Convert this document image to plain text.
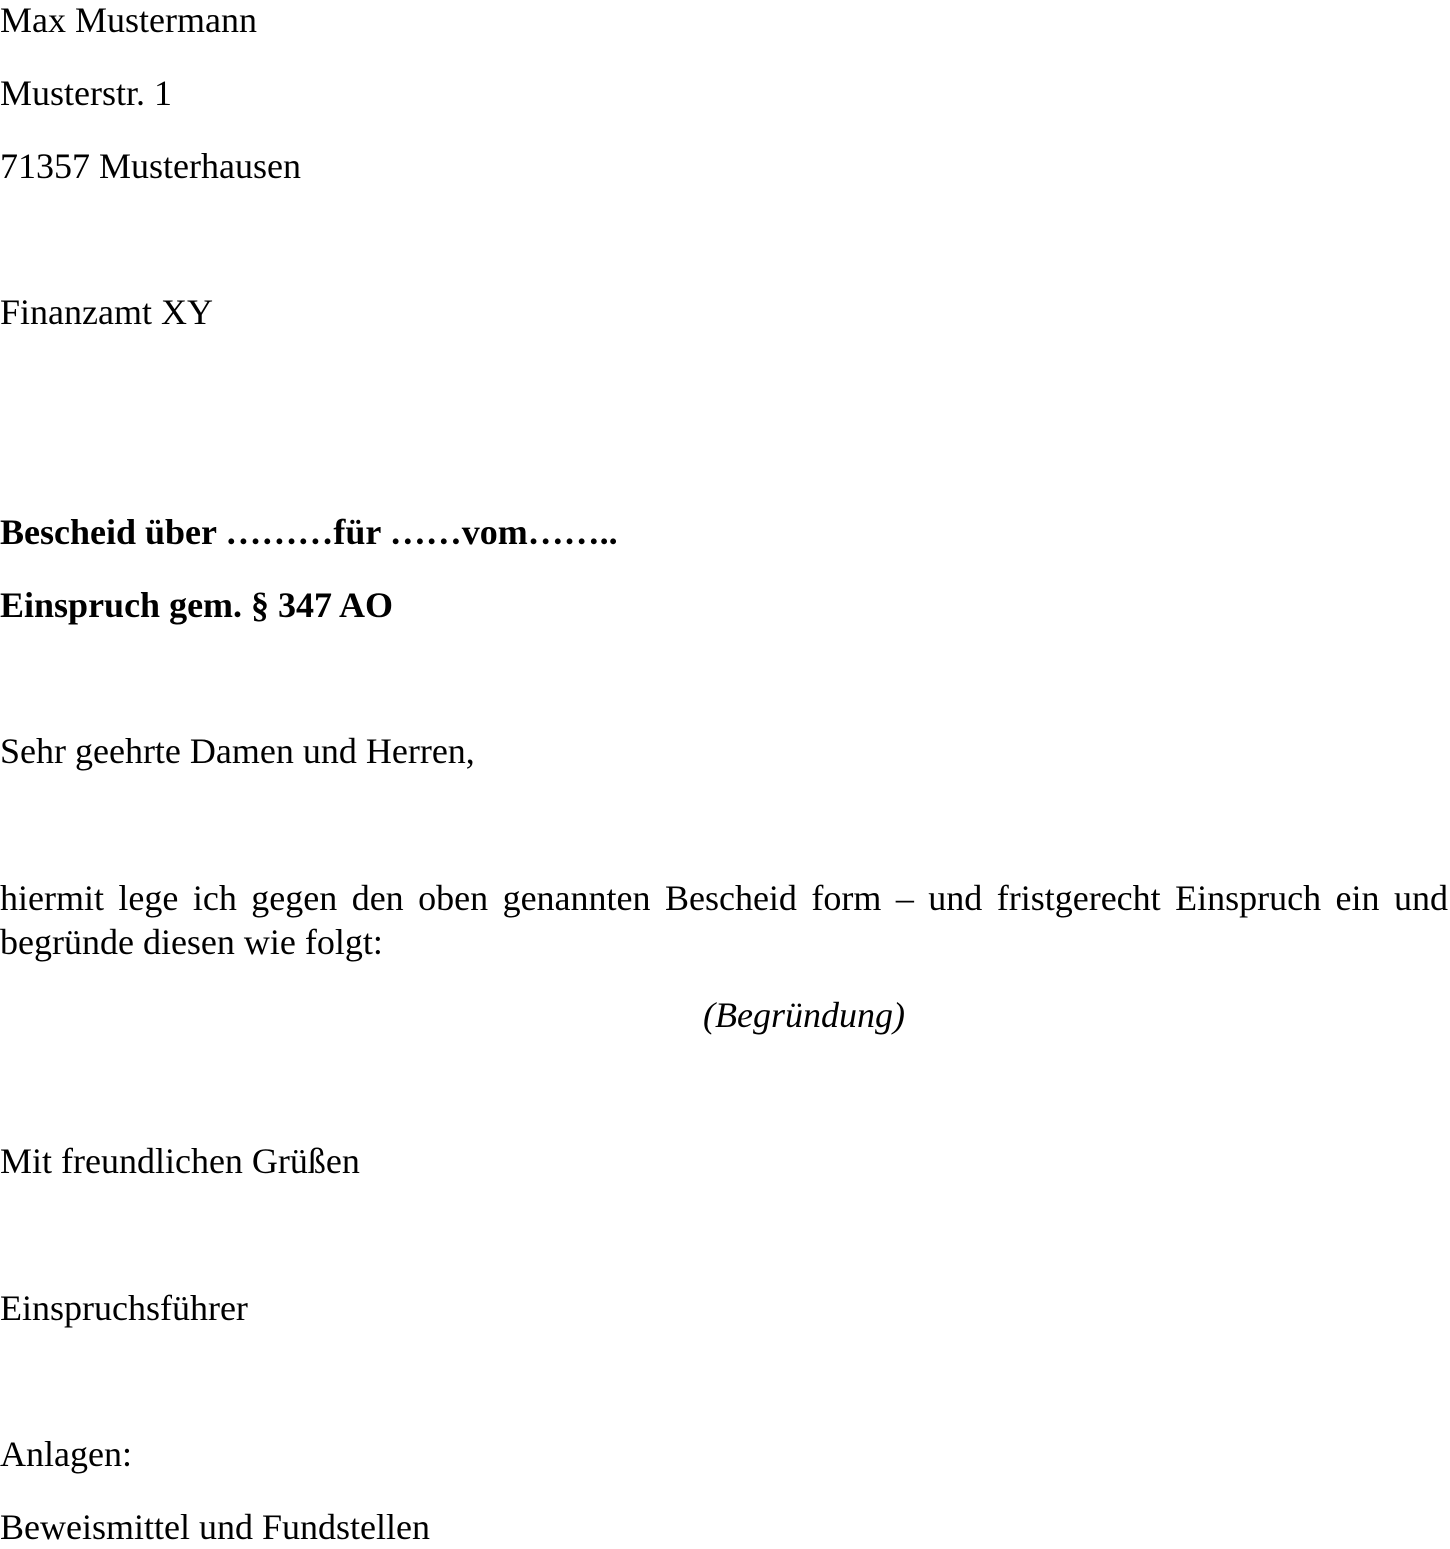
Max Mustermann
Musterstr. 1
71357 Musterhausen
Finanzamt XY
Bescheid über ………für ……vom……..
Einspruch gem. § 347 AO
Sehr geehrte Damen und Herren,

hiermit lege ich gegen den oben genannten Bescheid form – und fristgerecht Einspruch ein und begründe diesen wie folgt:

(Begründung)
Mit freundlichen Grüßen
Einspruchsführer
Anlagen:
Beweismittel und Fundstellen
